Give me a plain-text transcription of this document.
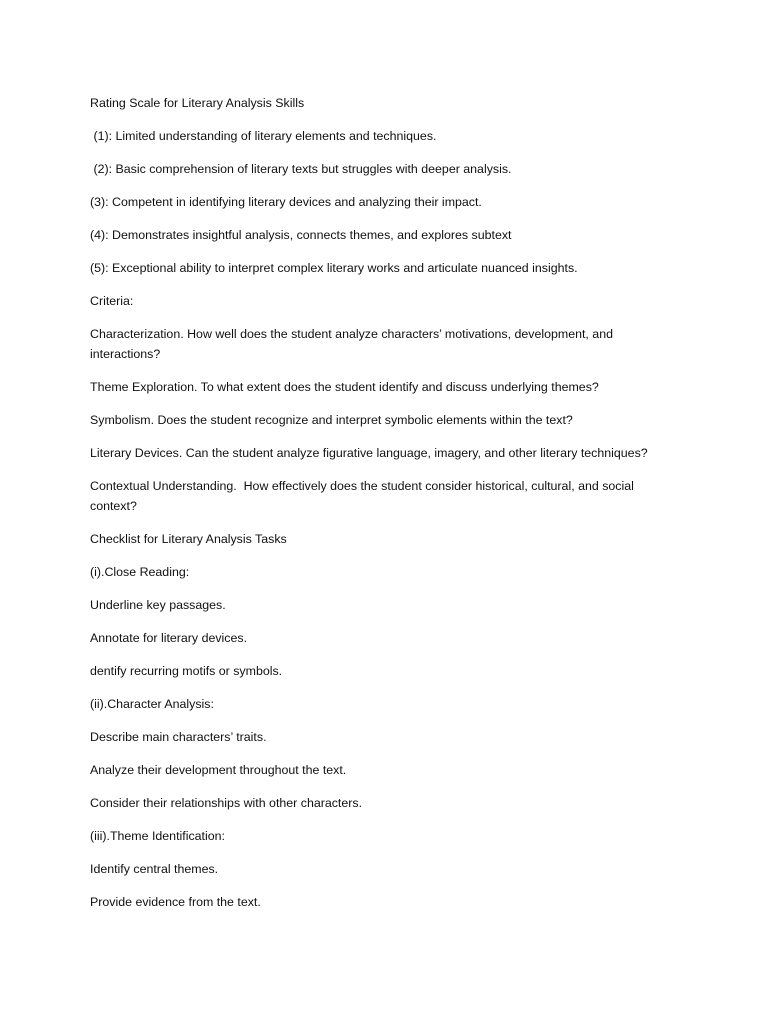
Rating Scale for Literary Analysis Skills

(1): Limited understanding of literary elements and techniques.

(2): Basic comprehension of literary texts but struggles with deeper analysis.

(3): Competent in identifying literary devices and analyzing their impact.

(4): Demonstrates insightful analysis, connects themes, and explores subtext

(5): Exceptional ability to interpret complex literary works and articulate nuanced insights.

Criteria:

Characterization. How well does the student analyze characters’ motivations, development, and interactions?

Theme Exploration. To what extent does the student identify and discuss underlying themes?

Symbolism. Does the student recognize and interpret symbolic elements within the text?

Literary Devices. Can the student analyze figurative language, imagery, and other literary techniques?

Contextual Understanding.  How effectively does the student consider historical, cultural, and social context?

Checklist for Literary Analysis Tasks

(i).Close Reading:

Underline key passages.

Annotate for literary devices.

dentify recurring motifs or symbols.

(ii).Character Analysis:

Describe main characters’ traits.

Analyze their development throughout the text.

Consider their relationships with other characters.

(iii).Theme Identification:

Identify central themes.

Provide evidence from the text.
